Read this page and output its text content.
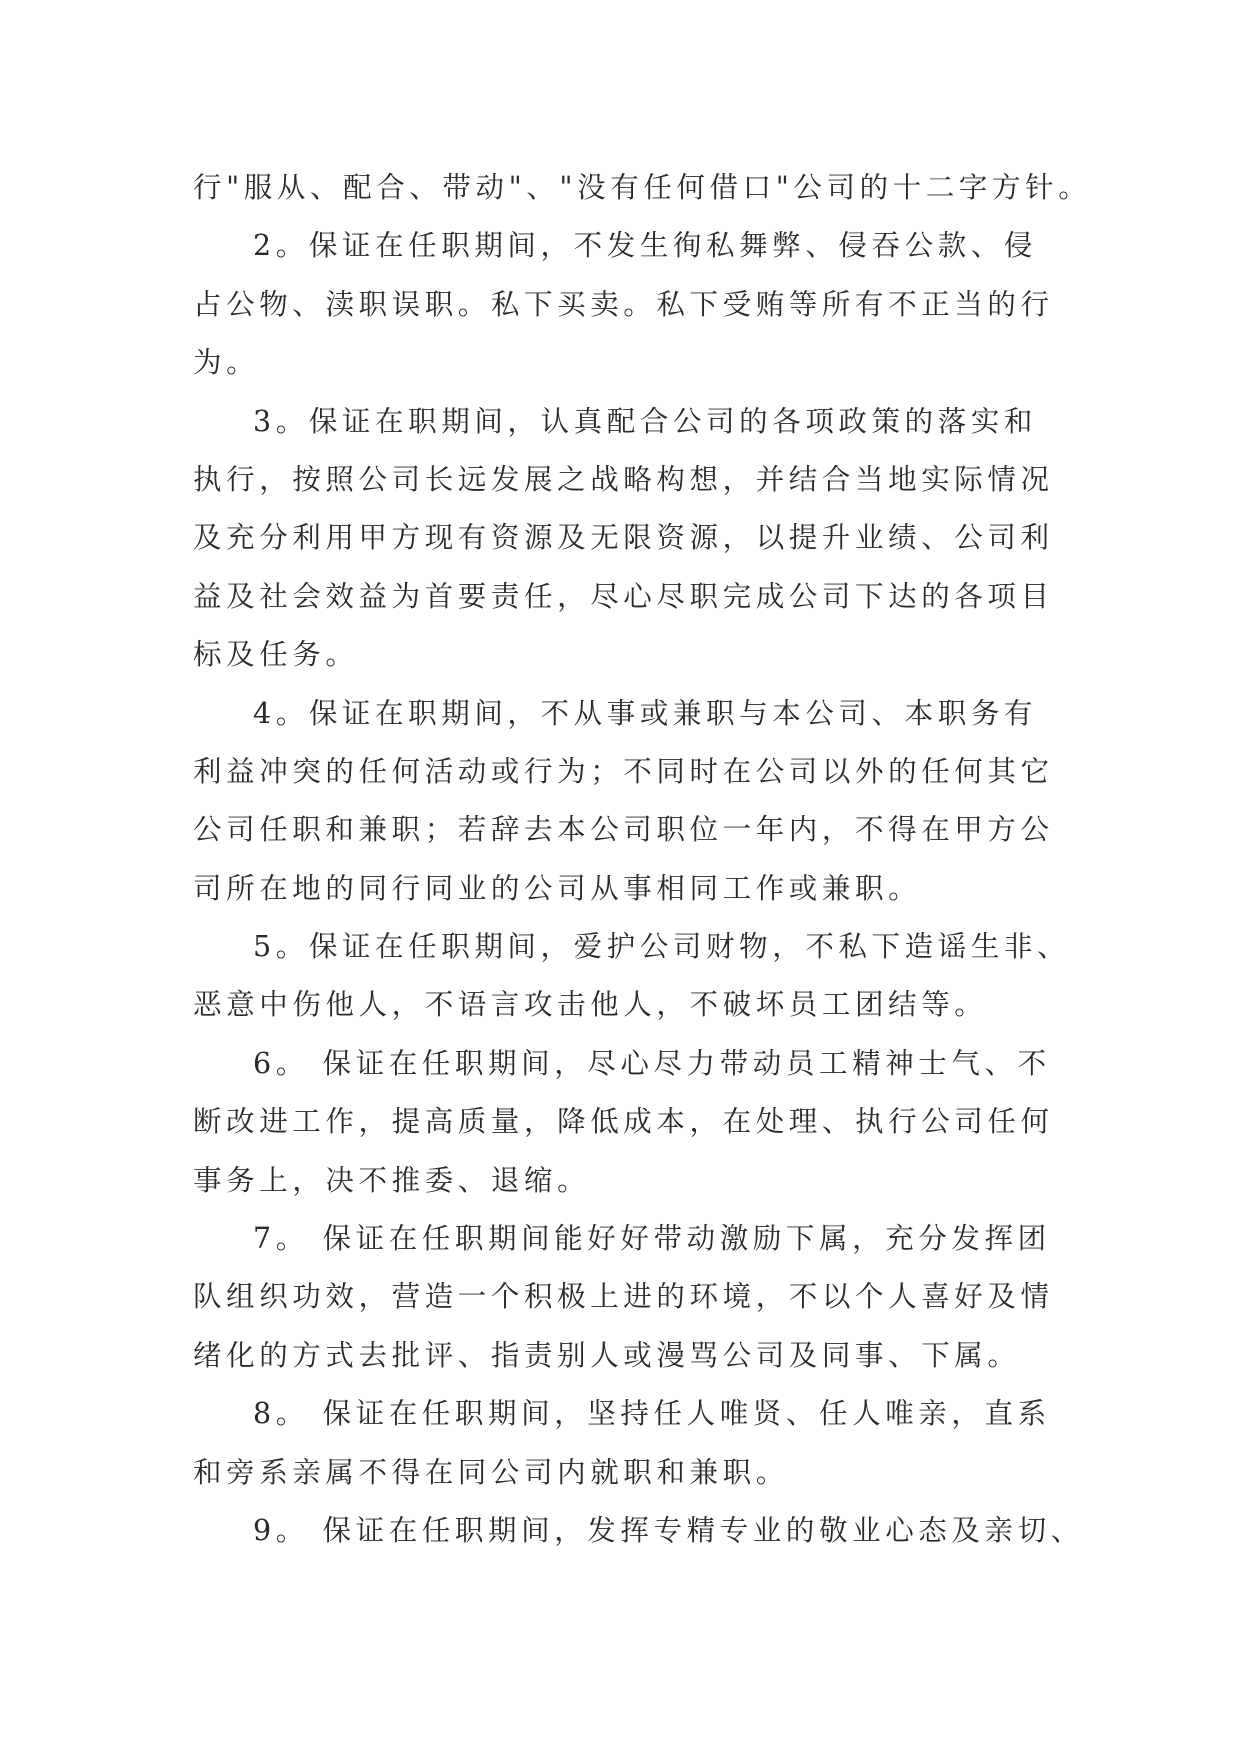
行"服从、配合、带动"、"没有任何借口"公司的十二字方针。

2。保证在任职期间，不发生徇私舞弊、侵吞公款、侵
占公物、渎职误职。私下买卖。私下受贿等所有不正当的行
为。

3。保证在职期间，认真配合公司的各项政策的落实和
执行，按照公司长远发展之战略构想，并结合当地实际情况
及充分利用甲方现有资源及无限资源，以提升业绩、公司利
益及社会效益为首要责任，尽心尽职完成公司下达的各项目
标及任务。

4。保证在职期间，不从事或兼职与本公司、本职务有
利益冲突的任何活动或行为；不同时在公司以外的任何其它
公司任职和兼职；若辞去本公司职位一年内，不得在甲方公
司所在地的同行同业的公司从事相同工作或兼职。

5。保证在任职期间，爱护公司财物，不私下造谣生非、
恶意中伤他人，不语言攻击他人，不破坏员工团结等。

6。 保证在任职期间，尽心尽力带动员工精神士气、不
断改进工作，提高质量，降低成本，在处理、执行公司任何
事务上，决不推委、退缩。

7。 保证在任职期间能好好带动激励下属，充分发挥团
队组织功效，营造一个积极上进的环境，不以个人喜好及情
绪化的方式去批评、指责别人或漫骂公司及同事、下属。

8。 保证在任职期间，坚持任人唯贤、任人唯亲，直系
和旁系亲属不得在同公司内就职和兼职。

9。 保证在任职期间，发挥专精专业的敬业心态及亲切、
